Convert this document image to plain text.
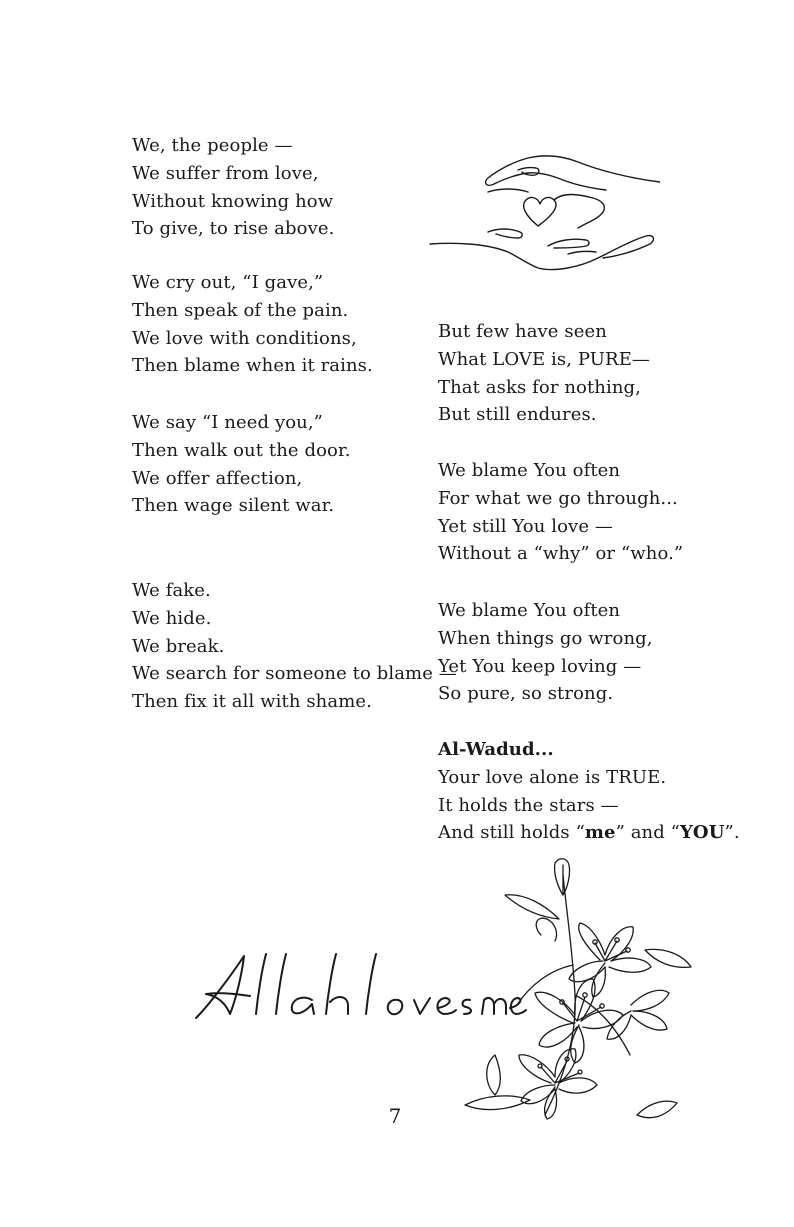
We, the people —
We suffer from love,
Without knowing how
To give, to rise above.
We cry out, “I gave,”
Then speak of the pain.
We love with conditions,
Then blame when it rains.
We say “I need you,”
Then walk out the door.
We offer affection,
Then wage silent war.
We fake.
We hide.
We break.
We search for someone to blame —
Then fix it all with shame.
But few have seen
What LOVE is, PURE—
That asks for nothing,
But still endures.
We blame You often
For what we go through...
Yet still You love —
Without a “why” or “who.”
We blame You often
When things go wrong,
Yet You keep loving —
So pure, so strong.
Al-Wadud...
Your love alone is TRUE.
It holds the stars —
And still holds “me” and “YOU”.
7
